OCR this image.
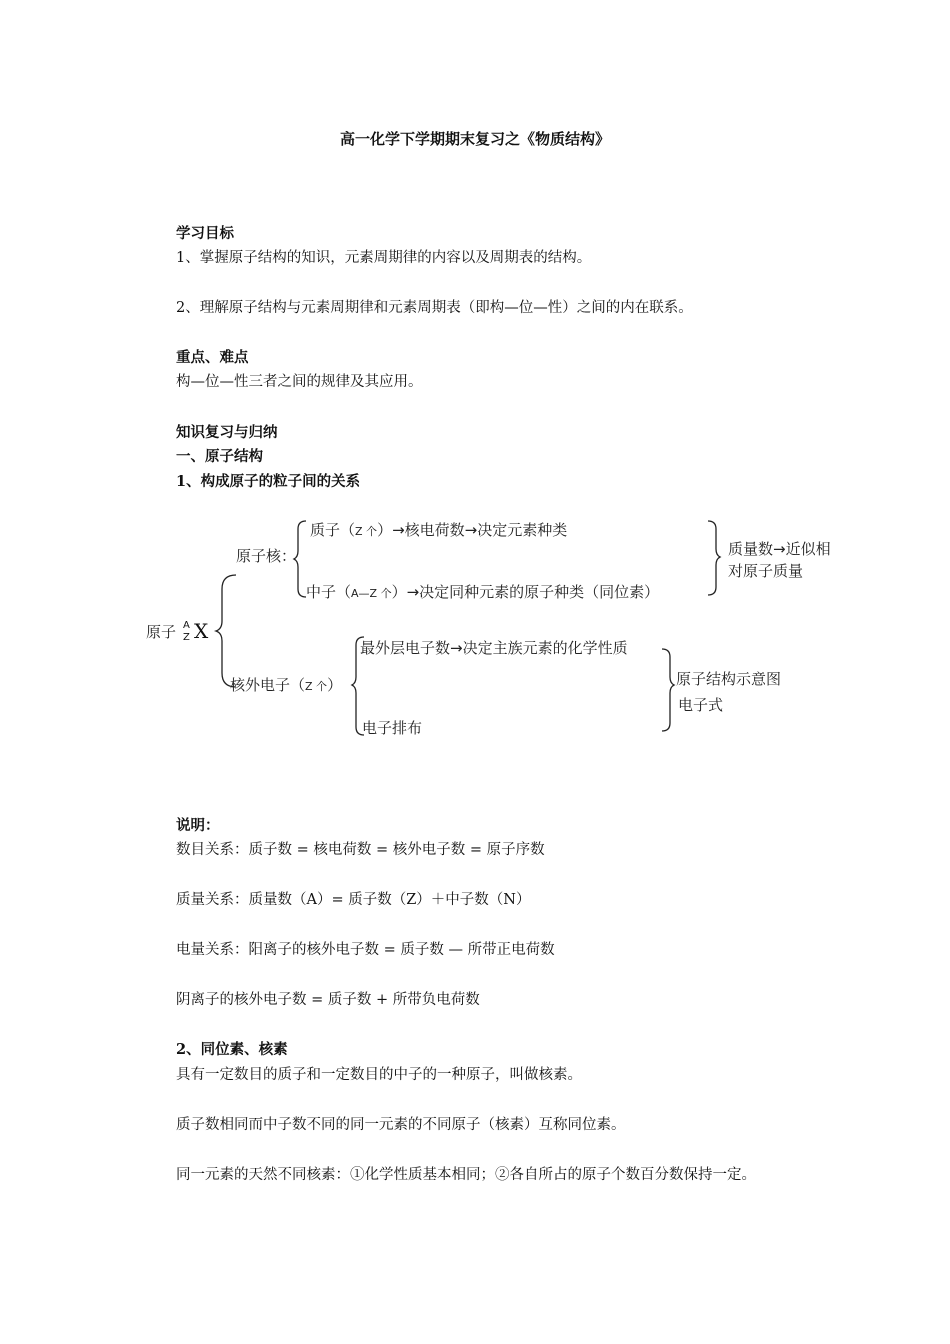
高一化学下学期期末复习之《物质结构》
学习目标
1、掌握原子结构的知识，元素周期律的内容以及周期表的结构。
2、理解原子结构与元素周期律和元素周期表（即构—位—性）之间的内在联系。
重点、难点
构—位—性三者之间的规律及其应用。
知识复习与归纳
一、原子结构
1、构成原子的粒子间的关系
原子 A
Z X
原子核：
质子（Z 个）→核电荷数→决定元素种类
中子（A—Z 个）→决定同种元素的原子种类（同位素）
质量数→近似相
对原子质量
核外电子（Z 个）
最外层电子数→决定主族元素的化学性质
电子排布
原子结构示意图
电子式
说明：
数目关系：质子数 = 核电荷数 = 核外电子数 = 原子序数
质量关系：质量数（A）= 质子数（Z）＋中子数（N）
电量关系：阳离子的核外电子数 = 质子数 — 所带正电荷数
阴离子的核外电子数 = 质子数 + 所带负电荷数
2、同位素、核素
具有一定数目的质子和一定数目的中子的一种原子，叫做核素。
质子数相同而中子数不同的同一元素的不同原子（核素）互称同位素。
同一元素的天然不同核素：①化学性质基本相同；②各自所占的原子个数百分数保持一定。
